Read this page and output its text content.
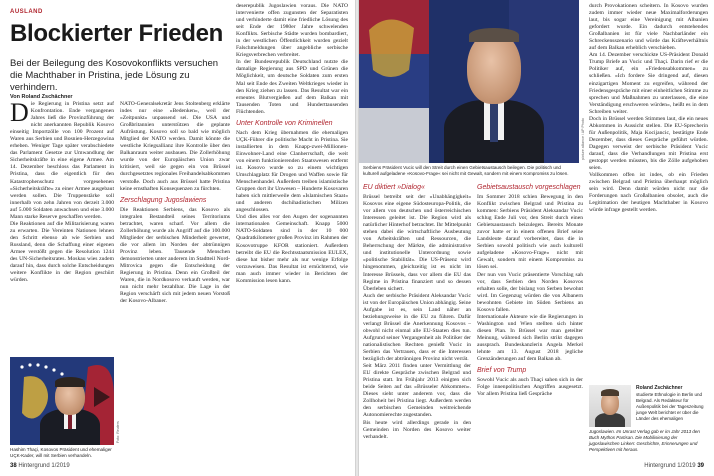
AUSLAND
Blockierter Frieden

Bei der Beilegung des Kosovokonflikts versuchen die Machthaber in Pristina, jede Lösung zu verhindern.

Von Roland Zschächner
D ie Regierung in Pristina setzt auf Konfrontation. Ende vergangenen Jahres ließ die Provinzführung der nicht anerkannten Republik Kosovo einseitig Importzölle von 100 Prozent auf Waren aus Serbien und Bosnien-Herzegowina erheben. Weniger Tage später verabschiedete das Parlament Gesetze zur Umwandlung der Sicherheitskräfte in eine eigene Armee. Am 14. Dezember beschloss das Parlament in Pristina, dass die eigentlich für den Katastrophenschutz vorgesehenen »Sicherheitskräfte« zu einer Armee ausgebaut werden sollen. Die Truppenstärke soll innerhalb von zehn Jahren von derzeit 3.000 auf 5.000 Soldaten anwachsen und eine 3.000 Mann starke Reserve geschaffen werden.

Die Reaktionen auf die Militarisierung waren zu erwarten. Die Vereinten Nationen lehnen den Schritt ebenso ab wie Serbien und Russland, denn die Schaffung einer eigenen Armee verstößt gegen die Resolution 1244 des UN-Sicherheitsrates. Moskau wies zudem darauf hin, dass durch solche Entscheidungen weitere Konflikte in der Region geschürt würden.

Hashim Thaçi, Kosovos Präsident und ehemaliger UÇK-Kader, will mit Serbien verhandeln.

Foto: Reuters

NATO-Generalsekretär Jens Stoltenberg erklärte indes nur eine »Bedenken«, weil der »Zeitpunkt« unpassend sei. Die USA und Großbritannien unterstützen die geplante Aufrüstung. Kosovo soll so bald wie möglich Mitglied der NATO werden. Damit könnte die westliche Kriegsallianz ihre Kontrolle über den Balkanraum weiter ausbauen. Die Zollerhöhung wurde von der Europäischen Union zwar kritisiert, weil sie gegen ein von Brüssel durchgesetztes regionales Freihandelsabkommen verstoße. Doch auch aus Brüssel hatte Pristina keine ernsthaften Konsequenzen zu fürchten.

Zerschlagung Jugoslawiens

Die Reaktionen Serbiens, das Kosovo als integralen Bestandteil seines Territoriums betrachtet, waren scharf. Vor allem die Zollerhöhung wurde als Angriff auf die 100.000 Mitglieder der serbischen Minderheit gewertet, die vor allem im Norden der abtrünnigen Provinz leben. Tausende Menschen demonstrierten unter anderem im Stadtteil Nord-Mitrovica gegen die Entscheidung der Regierung in Pristina. Denn ein Großteil der Waren, die in Nordkosovo verkauft werden, war nun nicht mehr bezahlbar. Die Lage in der Region verschärft sich mit jedem neuen Vorstoß der Kosovo-Albaner.

deserepublik Jugoslawien voraus. Die NATO intervenierte offen zugunsten der Separatisten und verhinderte damit eine friedliche Lösung des seit Ende der 1980er Jahre schwelenden Konflikts. Serbische Städte wurden bombardiert, in der westlichen Öffentlichkeit wurden gezielt Falschmeldungen über angebliche serbische Kriegsverbrechen verbreitet.

In der Bundesrepublik Deutschland nutzte die damalige Regierung aus SPD und Grünen die Möglichkeit, um deutsche Soldaten zum ersten Mal seit Ende des Zweiten Weltkrieges wieder in den Krieg ziehen zu lassen. Das Resultat war ein erneutes Blutvergießen auf dem Balkan mit Tausenden Toten und Hunderttausenden Flüchtenden.

Unter Kontrolle von Kriminellen

Nach dem Krieg übernahmen die ehemaligen UÇK-Führer die politische Macht in Pristina. Sie installierten in dem Knapp-zwei-Millionen-Einwohner-Land eine Clanherrschaft, die weit von einem funktionierenden Staatswesen entfernt ist. Kosovo wurde so zu einem wichtigen Umschlagplatz für Drogen und Waffen sowie für Menschenhandel. Außerdem treiben islamistische Gruppen dort ihr Unwesen – Hunderte Kosovaren haben sich mittlerweile dem »Islamischen Staat« und anderen dschihadistischen Milizen angeschlossen.

Und dies alles vor den Augen der sogenannten internationalen Gemeinschaft. Knapp 5000 NATO-Soldaten sind in der 10 000 Quadratkilometer großen Provinz im Rahmen der Kosovotruppe KFOR stationiert. Außerdem betreibt die EU die Rechtsstaatsmission EULEX, diese hat bisher mehr als nur wenige Erfolge vorzuweisen. Das Resultat ist ernüchternd, wie man auch immer wieder in Berichten der Kommission lesen kann.

38 Hintergrund 1/2019

Serbiens Präsident Vucic will den Streit durch einen Gebietsaustausch beilegen. Die politisch und kulturell aufgeladene »Kosovo-Frage« sei nicht mit Gewalt, sondern mit einem Kompromiss zu lösen.

picture alliance / AP Photo
EU diktiert »Dialog«

Brüssel betreibt seit der »Unabhängigkeit« Kosovos eine eigene Südosteuropa-Politik, die vor allem von deutschen und österreichischen Interessen geleitet ist. Die Region wird als natürlicher Hinterhof betrachtet. Ihr Mittelpunkt stehen dabei die wirtschaftliche Ausbeutung von Arbeitskräften und Ressourcen, die Beherrschung der Märkte, die administrative und institutionelle Unterordnung sowie »politische Stabilität«. Die US-Präsenz wird hingenommen, gleichzeitig ist es nicht im Interesse Brüssels, dass vor allem die EU das Regime in Pristina finanziert und so dessen Überleben sichert.

Auch der serbische Präsident Aleksandar Vucic ist von der Europäischen Union abhängig. Seine Aufgabe ist es, sein Land näher an beziehungsweise in die EU zu führen. Dafür verlangt Brüssel die Anerkennung Kosovos – obwohl nicht einmal alle EU-Staaten dies tun. Aufgrund seiner Vergangenheit als Politiker der nationalistischen Rechten genießt Vucic in Serbien das Vertrauen, dass er die Interessen bezüglich der abtrünnigen Provinz nicht verrät.

Seit März 2011 finden unter Vermittlung der EU direkte Gespräche zwischen Belgrad und Pristina statt. Im Frühjahr 2013 einigten sich beide Seiten auf das »Brüsseler Abkommen«. Dieses sieht unter anderem vor, dass die Zollhoheit bei Pristina liegt. Außerdem werden den serbischen Gemeinden weitreichende Autonomierechte zugestanden.

Bis heute wird allerdings gerade in den Gemeinden im Norden des Kosovo weiter verhandelt.

Gebietsaustausch vorgeschlagen

Im Sommer 2018 schien Bewegung in den Konflikt zwischen Belgrad und Pristina zu kommen: Serbiens Präsident Aleksandar Vucic schlug Ende Juli vor, den Streit durch einen Gebietsaustausch beizulegen. Bereits Monate zuvor hatte er in einem offenen Brief seine Landsleute darauf vorbereitet, dass die in Serbien sowohl politisch wie auch kulturell aufgeladene »Kosovo-Frage« nicht mit Gewalt, sondern mit einem Kompromiss zu lösen sei.

Der nun von Vucic präsentierte Vorschlag sah vor, dass Serbien den Norden Kosovos erhalten solle, der bislang von Serben bewohnt wird. Im Gegenzug würden die von Albanern bewohnten Gebiete im Süden Serbiens an Kosovo fallen.

Internationale Akteure wie die Regierungen in Washington und Wien stellten sich hinter diesen Plan. In Brüssel war man geteilter Meinung, während sich Berlin strikt dagegen aussprach. Bundeskanzlerin Angela Merkel lehnte am 13. August 2018 jegliche Grenzänderungen auf dem Balkan ab.

Brief von Trump

Sowohl Vucic als auch Thaçi sahen sich in der Folge innenpolitischen Angriffen ausgesetzt. Vor allem Pristina ließ Gespräche

durch Provokationen scheitern. In Kosovo wurden zudem immer wieder neue Maximalforderungen laut, bis sogar eine Vereinigung mit Albanien gefordert wurde. Ein dadurch entstehendes Großalbanien ist für viele Nachbarländer ein Schreckensszenario und würde das Kräfteverhältnis auf dem Balkan erheblich verschieben.

Am 14. Dezember verschickte US-Präsident Donald Trump Briefe an Vucic und Thaçi. Darin rief er die Politiker auf, ein »Friedensabkommen« zu schließen. »Ich fordere Sie dringend auf, diesen einzigartigen Moment zu ergreifen, während der Friedensgespräche mit einer einheitlichen Stimme zu sprechen und Maßnahmen zu unterlassen, die eine Verständigung erschweren würden«, heißt es in dem Schreiben weiter.

Doch in Brüssel werden Stimmen laut, die ein neues Abkommen in Aussicht stellen. Die EU-Sprecherin für Außenpolitik, Maja Kocijancic, bestätigte Ende Dezember, dass dieses Gespräche geführt würden. Dagegen verweist der serbische Präsident Vucic darauf, dass die Verhandlungen mit Pristina erst gestoppt werden müssten, bis die Zölle aufgehoben seien.

Vollkommen offen ist indes, ob ein Frieden zwischen Belgrad und Pristina überhaupt möglich sein wird. Denn damit würden nicht nur die Forderungen nach Großalbanien obsolet, auch die Legitimation der heutigen Machthaber in Kosovo würde infrage gestellt werden.

Roland Zschächner

studierte Ethnologie in Berlin und Belgrad. Als Redakteur für Außenpolitik bei der Tageszeitung junge Welt berichtet er über die Länder des ehemaligen

Jugoslawien. Im Unrast Verlag gab er im Jahr 2013 den Buch Mythos Partisan. Die Mobilisierung der jugoslawischen Linken: Geschichte, Erinnerungen und Perspektiven mit heraus.

Hintergrund 1/2019 39
